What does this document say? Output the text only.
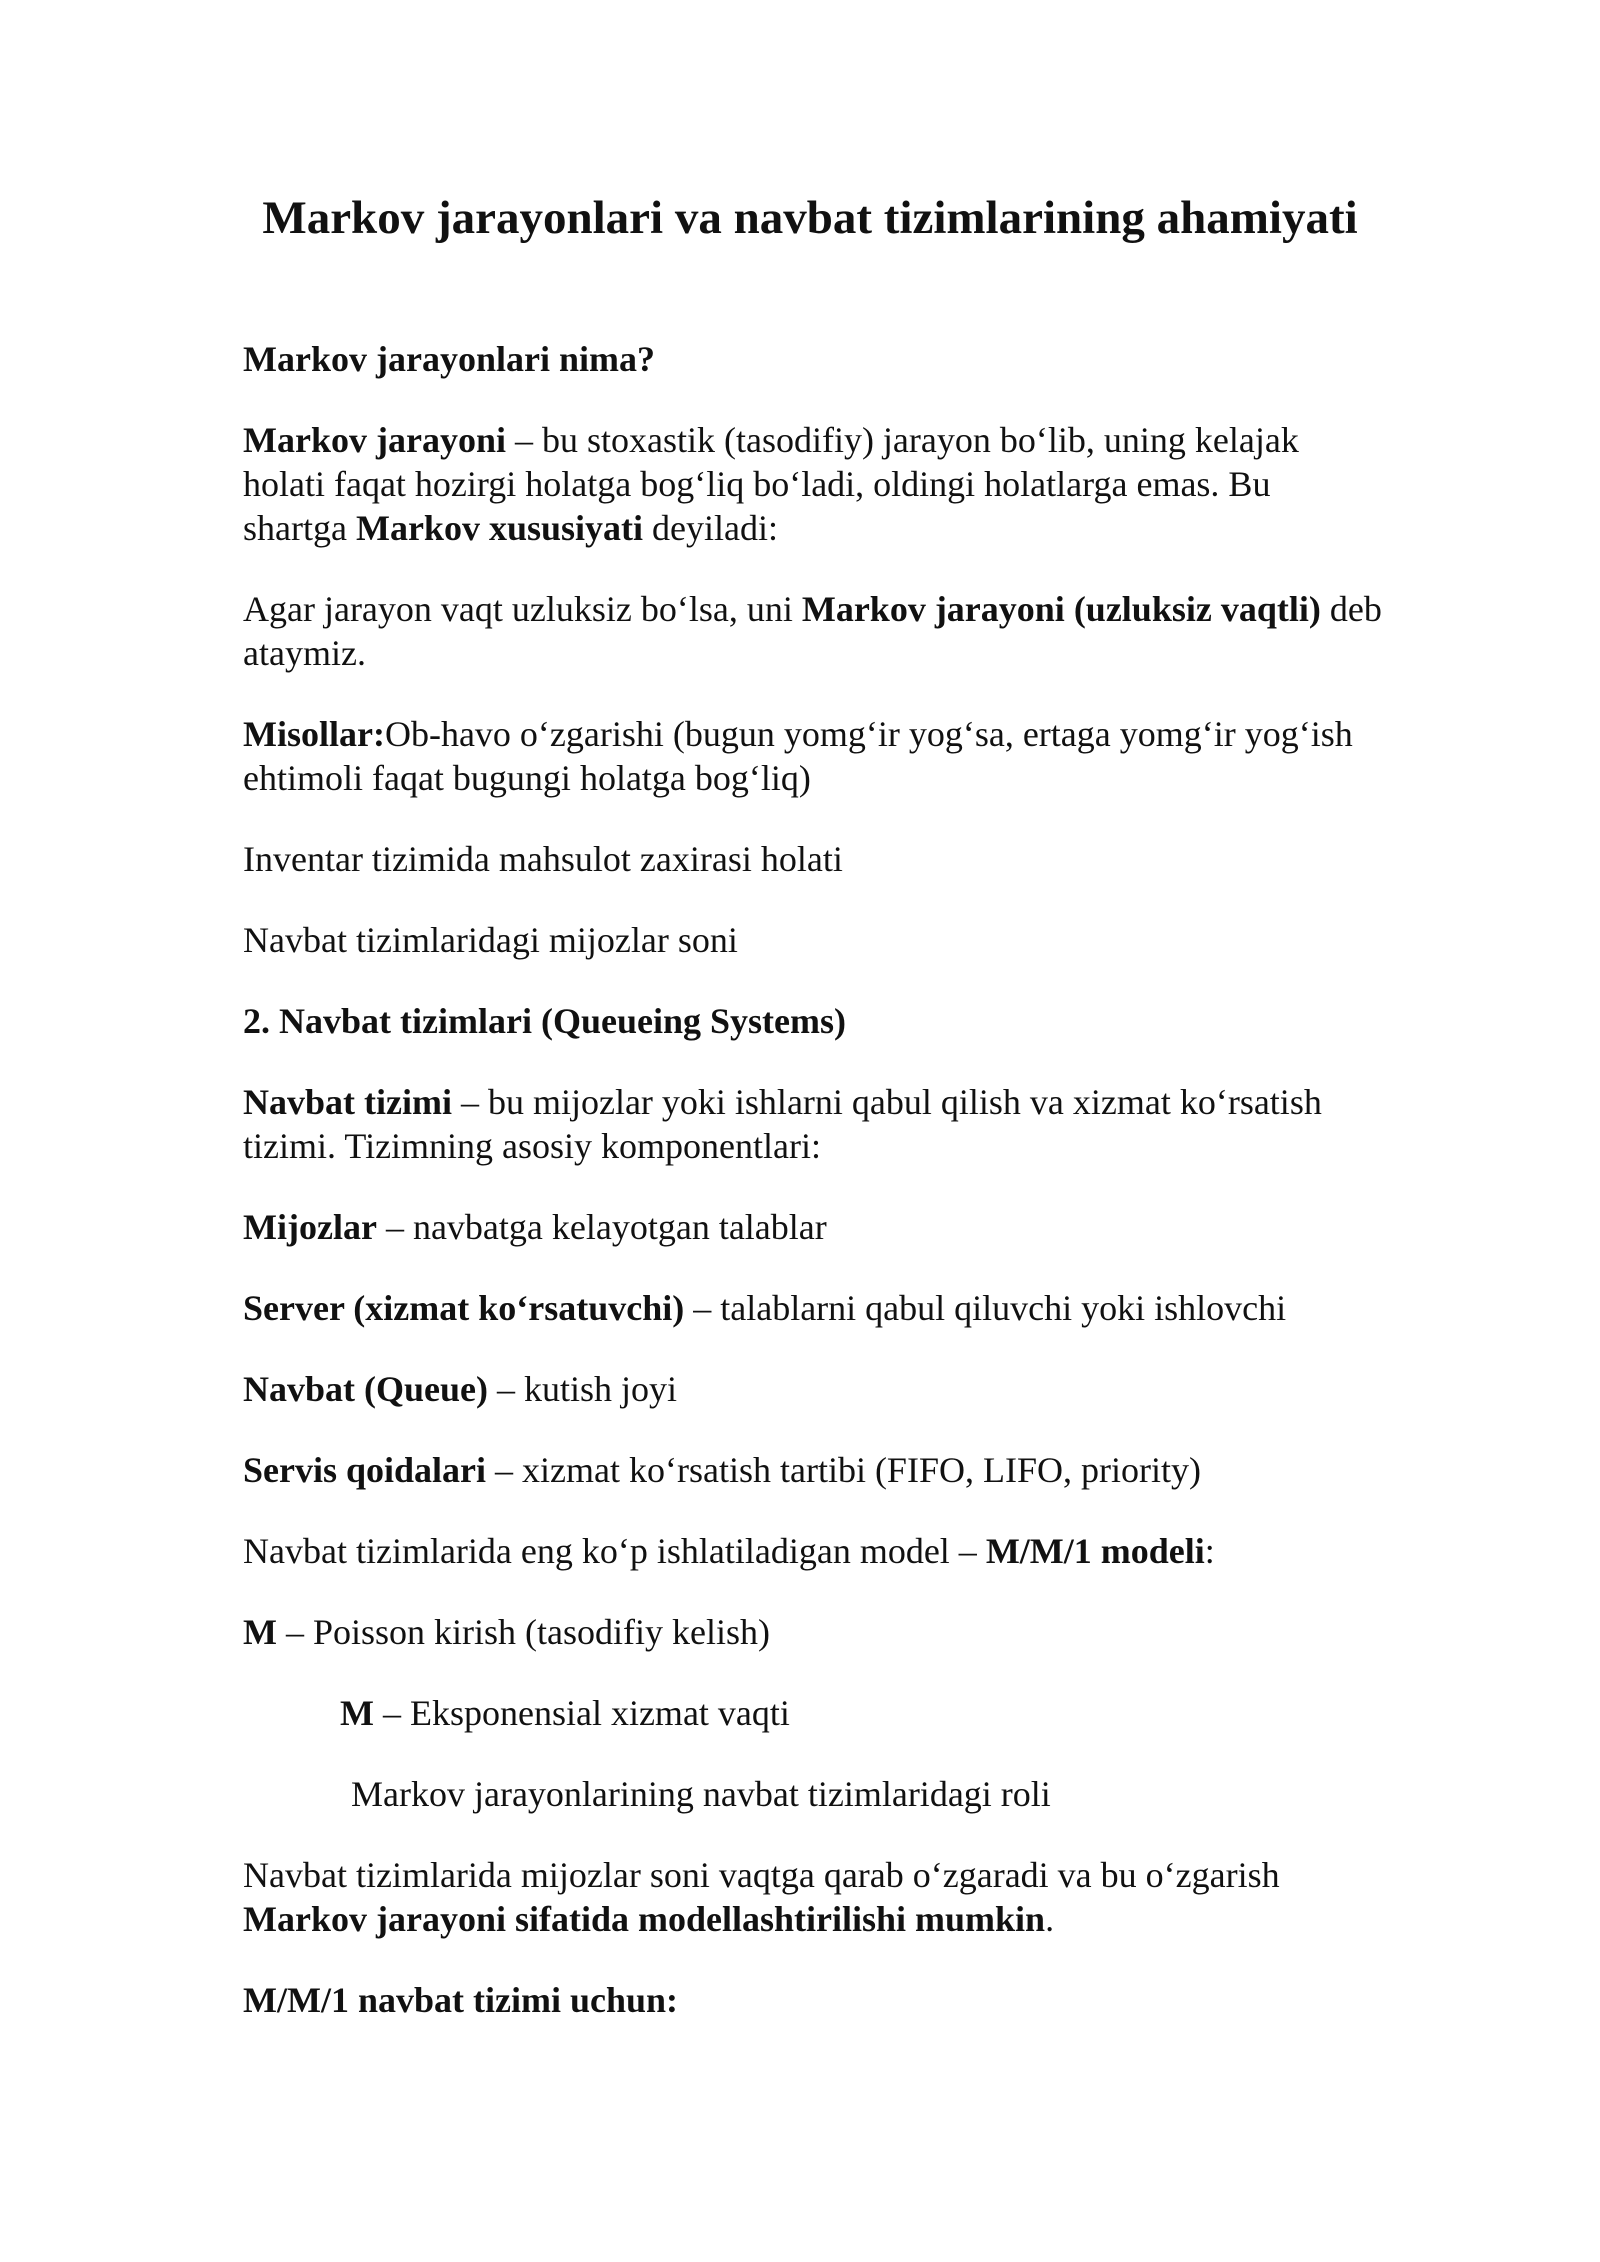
Markov jarayonlari va navbat tizimlarining ahamiyati

Markov jarayonlari nima?

Markov jarayoni – bu stoxastik (tasodifiy) jarayon bo‘lib, uning kelajak holati faqat hozirgi holatga bog‘liq bo‘ladi, oldingi holatlarga emas. Bu shartga Markov xususiyati deyiladi:

Agar jarayon vaqt uzluksiz bo‘lsa, uni Markov jarayoni (uzluksiz vaqtli) deb ataymiz.

Misollar:Ob-havo o‘zgarishi (bugun yomg‘ir yog‘sa, ertaga yomg‘ir yog‘ish ehtimoli faqat bugungi holatga bog‘liq)

Inventar tizimida mahsulot zaxirasi holati

Navbat tizimlaridagi mijozlar soni

2. Navbat tizimlari (Queueing Systems)

Navbat tizimi – bu mijozlar yoki ishlarni qabul qilish va xizmat ko‘rsatish tizimi. Tizimning asosiy komponentlari:

Mijozlar – navbatga kelayotgan talablar

Server (xizmat ko‘rsatuvchi) – talablarni qabul qiluvchi yoki ishlovchi

Navbat (Queue) – kutish joyi

Servis qoidalari – xizmat ko‘rsatish tartibi (FIFO, LIFO, priority)

Navbat tizimlarida eng ko‘p ishlatiladigan model – M/M/1 modeli:

M – Poisson kirish (tasodifiy kelish)

M – Eksponensial xizmat vaqti

Markov jarayonlarining navbat tizimlaridagi roli

Navbat tizimlarida mijozlar soni vaqtga qarab o‘zgaradi va bu o‘zgarish Markov jarayoni sifatida modellashtirilishi mumkin.

M/M/1 navbat tizimi uchun:
